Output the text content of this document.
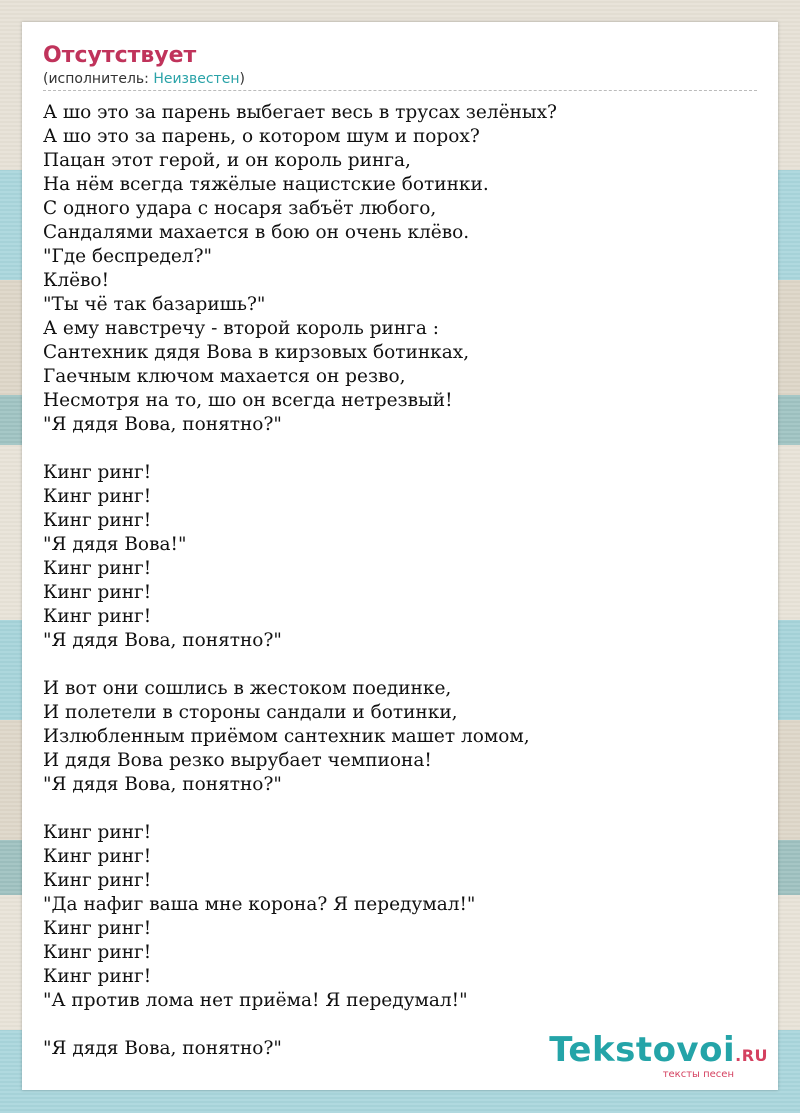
Отсутствует
(исполнитель: Неизвестен)
А шо это за парень выбегает весь в трусах зелёных?
А шо это за парень, о котором шум и порох?
Пацан этот герой, и он король ринга,
На нём всегда тяжёлые нацистские ботинки.
С одного удара с носаря забъёт любого,
Сандалями махается в бою он очень клёво.
"Где беспредел?"
Клёво!
"Ты чё так базаришь?"
А ему навстречу - второй король ринга :
Сантехник дядя Вова в кирзовых ботинках,
Гаечным ключом махается он резво,
Несмотря на то, шо он всегда нетрезвый!
"Я дядя Вова, понятно?"
Кинг ринг!
Кинг ринг!
Кинг ринг!
"Я дядя Вова!"
Кинг ринг!
Кинг ринг!
Кинг ринг!
"Я дядя Вова, понятно?"
И вот они сошлись в жестоком поединке,
И полетели в стороны сандали и ботинки,
Излюбленным приёмом сантехник машет ломом,
И дядя Вова резко вырубает чемпиона!
"Я дядя Вова, понятно?"
Кинг ринг!
Кинг ринг!
Кинг ринг!
"Да нафиг ваша мне корона? Я передумал!"
Кинг ринг!
Кинг ринг!
Кинг ринг!
"А против лома нет приёма! Я передумал!"
"Я дядя Вова, понятно?"	Tekstovoi.RU
тексты песен
